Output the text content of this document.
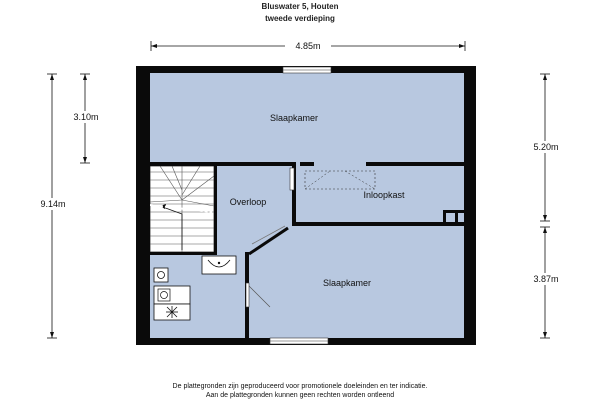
Bluswater 5, Houten
tweede verdieping
4.85m
9.14m
3.10m
5.20m
3.87m
Slaapkamer
Overloop
Inloopkast
Slaapkamer
De plattegronden zijn geproduceerd voor promotionele doeleinden en ter indicatie.
Aan de plattegronden kunnen geen rechten worden ontleend
